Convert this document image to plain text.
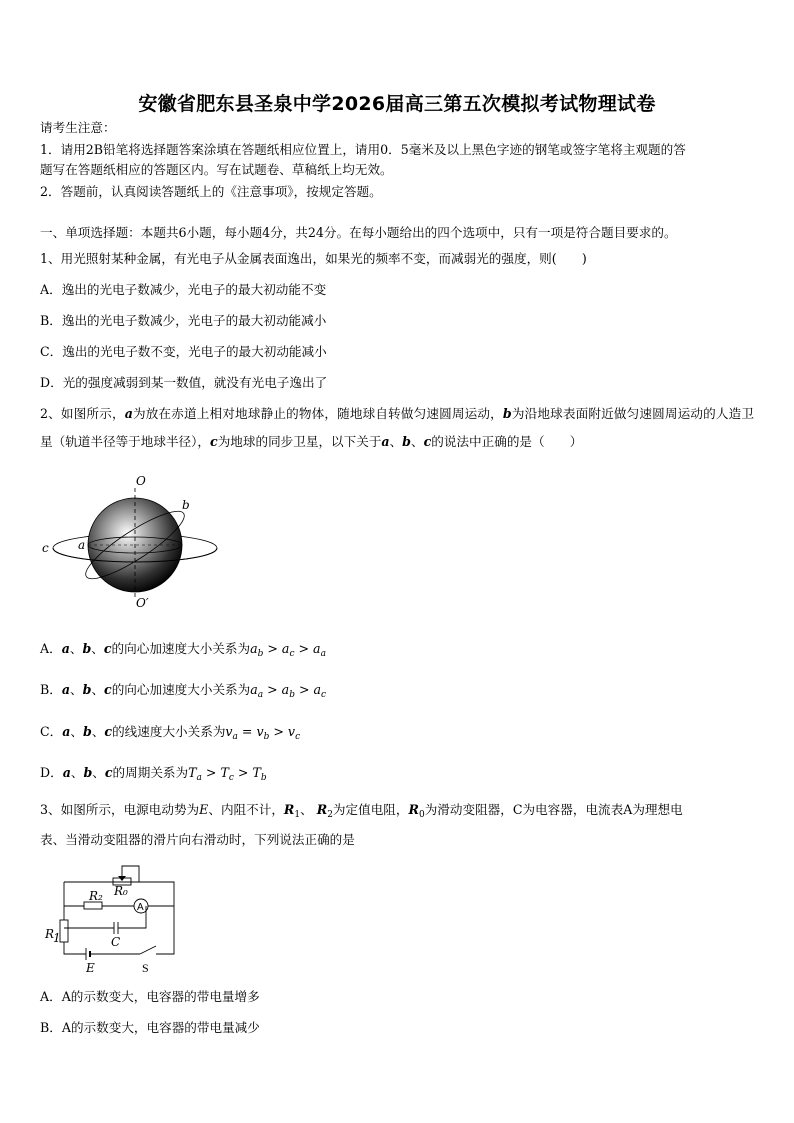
安徽省肥东县圣泉中学2026届高三第五次模拟考试物理试卷
请考生注意：
1．请用2B铅笔将选择题答案涂填在答题纸相应位置上，请用0．5毫米及以上黑色字迹的钢笔或签字笔将主观题的答
题写在答题纸相应的答题区内。写在试题卷、草稿纸上均无效。
2．答题前，认真阅读答题纸上的《注意事项》，按规定答题。
一、单项选择题：本题共6小题，每小题4分，共24分。在每小题给出的四个选项中，只有一项是符合题目要求的。
1、用光照射某种金属，有光电子从金属表面逸出，如果光的频率不变，而减弱光的强度，则(　　)
A．逸出的光电子数减少，光电子的最大初动能不变
B．逸出的光电子数减少，光电子的最大初动能减小
C．逸出的光电子数不变，光电子的最大初动能减小
D．光的强度减弱到某一数值，就没有光电子逸出了
2、如图所示，a为放在赤道上相对地球静止的物体，随地球自转做匀速圆周运动，b为沿地球表面附近做匀速圆周运动的人造卫星（轨道半径等于地球半径），c为地球的同步卫星，以下关于a、b、c的说法中正确的是（　　）
O
O′
b
a
c
A．a、b、c的向心加速度大小关系为$a_b > a_c > a_a$
B．a、b、c的向心加速度大小关系为$a_a > a_b > a_c$
C．a、b、c的线速度大小关系为$v_a = v_b > v_c$
D．a、b、c的周期关系为$T_a > T_c > T_b$
3、如图所示，电源电动势为E、内阻不计，$R_1$、 $R_2$为定值电阻，$R_0$为滑动变阻器，C为电容器，电流表A为理想电
表、当滑动变阻器的滑片向右滑动时，下列说法正确的是
R₀
R₂
A
R
1	C
E	S
A．A的示数变大，电容器的带电量增多
B．A的示数变大，电容器的带电量减少
